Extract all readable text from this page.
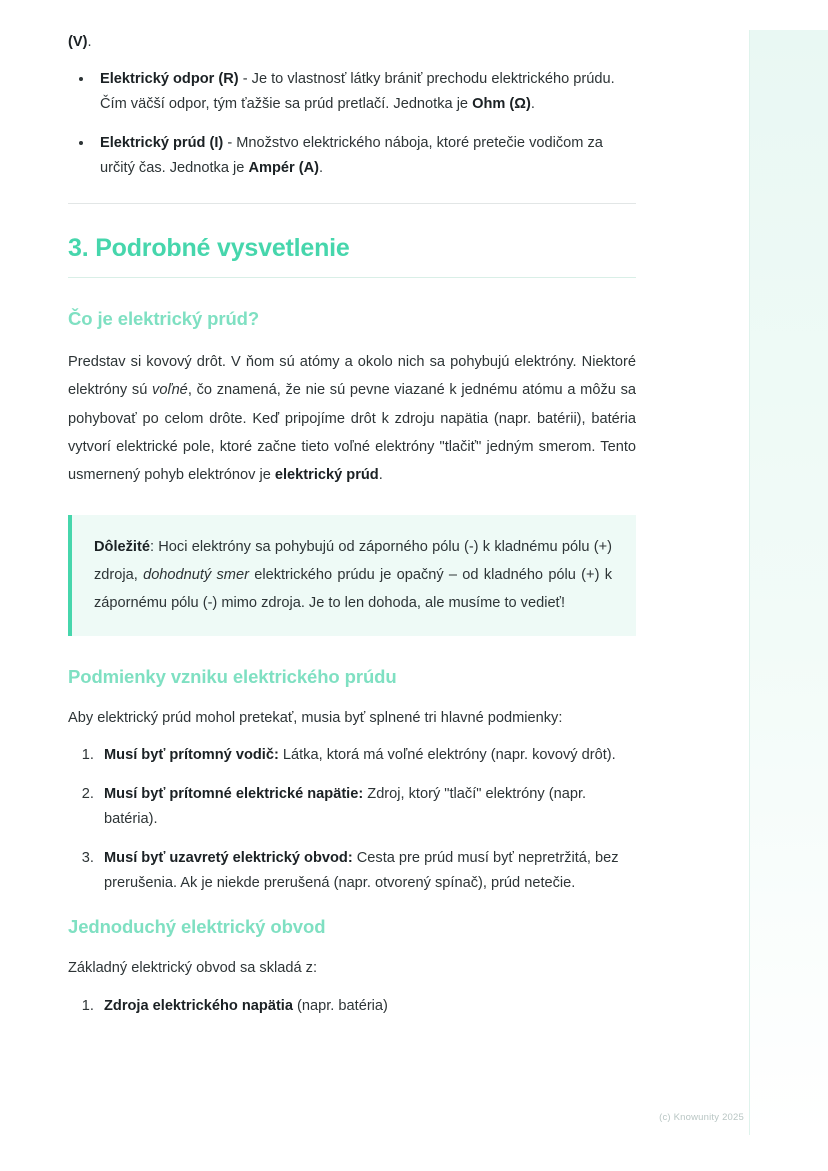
(V).

• Elektrický odpor (R) - Je to vlastnosť látky brániť prechodu elektrického prúdu. Čím väčší odpor, tým ťažšie sa prúd pretlačí. Jednotka je Ohm (Ω).
• Elektrický prúd (I) - Množstvo elektrického náboja, ktoré pretečie vodičom za určitý čas. Jednotka je Ampér (A).
3. Podrobné vysvetlenie
Čo je elektrický prúd?

Predstav si kovový drôt. V ňom sú atómy a okolo nich sa pohybujú elektróny. Niektoré elektróny sú voľné, čo znamená, že nie sú pevne viazané k jednému atómu a môžu sa pohybovať po celom drôte. Keď pripojíme drôt k zdroju napätia (napr. batérii), batéria vytvorí elektrické pole, ktoré začne tieto voľné elektróny "tlačiť" jedným smerom. Tento usmernený pohyb elektrónov je elektrický prúd.

Dôležité: Hoci elektróny sa pohybujú od záporného pólu (-) k kladnému pólu (+) zdroja, dohodnutý smer elektrického prúdu je opačný – od kladného pólu (+) k zápornému pólu (-) mimo zdroja. Je to len dohoda, ale musíme to vedieť!

Podmienky vzniku elektrického prúdu

Aby elektrický prúd mohol pretekať, musia byť splnené tri hlavné podmienky:

1. Musí byť prítomný vodič: Látka, ktorá má voľné elektróny (napr. kovový drôt).
2. Musí byť prítomné elektrické napätie: Zdroj, ktorý "tlačí" elektróny (napr. batéria).
3. Musí byť uzavretý elektrický obvod: Cesta pre prúd musí byť nepretržitá, bez prerušenia. Ak je niekde prerušená (napr. otvorený spínač), prúd netečie.
Jednoduchý elektrický obvod

Základný elektrický obvod sa skladá z:

1. Zdroja elektrického napätia (napr. batéria)
(c) Knowunity 2025
